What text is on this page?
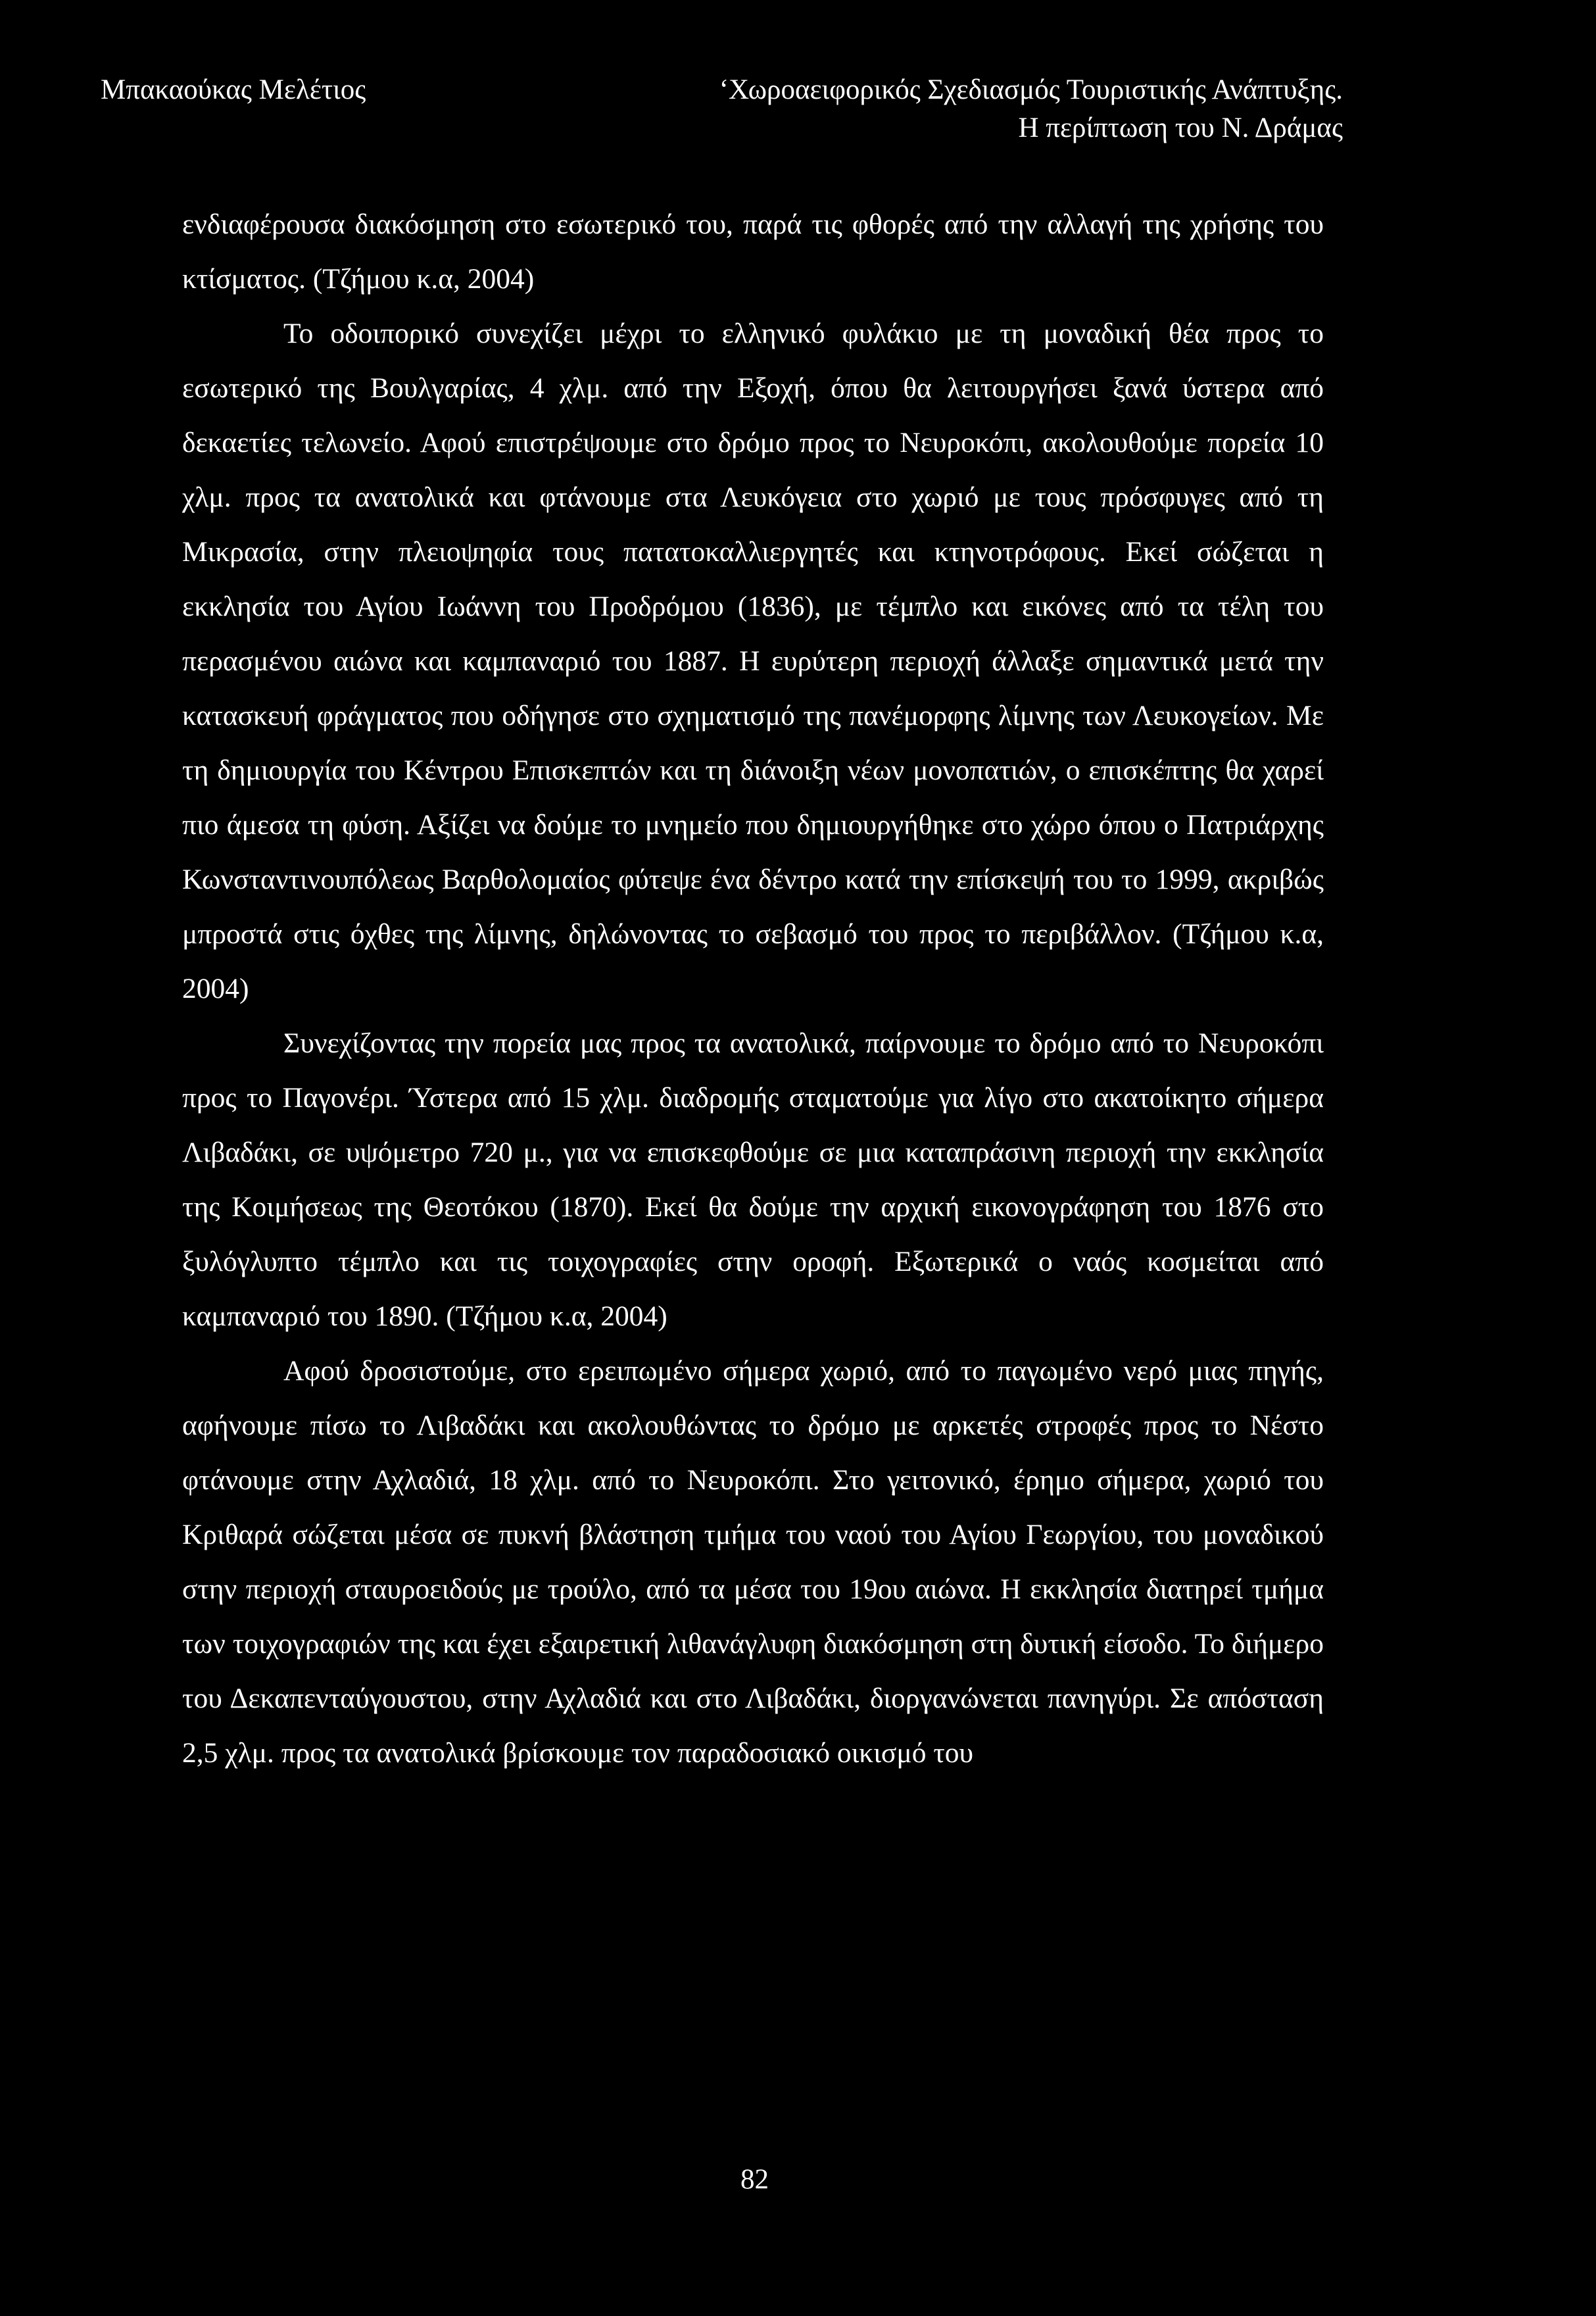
Μπακαούκας Μελέτιος	‘Χωροαειφορικός Σχεδιασμός Τουριστικής Ανάπτυξης.
Η περίπτωση του Ν. Δράμας

ενδιαφέρουσα διακόσμηση στο εσωτερικό του, παρά τις φθορές από την αλλαγή της χρήσης του κτίσματος. (Τζήμου κ.α, 2004)

Το οδοιπορικό συνεχίζει μέχρι το ελληνικό φυλάκιο με τη μοναδική θέα προς το εσωτερικό της Βουλγαρίας, 4 χλμ. από την Εξοχή, όπου θα λειτουργήσει ξανά ύστερα από δεκαετίες τελωνείο. Αφού επιστρέψουμε στο δρόμο προς το Νευροκόπι, ακολουθούμε πορεία 10 χλμ. προς τα ανατολικά και φτάνουμε στα Λευκόγεια στο χωριό με τους πρόσφυγες από τη Μικρασία, στην πλειοψηφία τους πατατοκαλλιεργητές και κτηνοτρόφους. Εκεί σώζεται η εκκλησία του Αγίου Ιωάννη του Προδρόμου (1836), με τέμπλο και εικόνες από τα τέλη του περασμένου αιώνα και καμπαναριό του 1887. Η ευρύτερη περιοχή άλλαξε σημαντικά μετά την κατασκευή φράγματος που οδήγησε στο σχηματισμό της πανέμορφης λίμνης των Λευκογείων. Με τη δημιουργία του Κέντρου Επισκεπτών και τη διάνοιξη νέων μονοπατιών, ο επισκέπτης θα χαρεί πιο άμεσα τη φύση. Αξίζει να δούμε το μνημείο που δημιουργήθηκε στο χώρο όπου ο Πατριάρχης Κωνσταντινουπόλεως Βαρθολομαίος φύτεψε ένα δέντρο κατά την επίσκεψή του το 1999, ακριβώς μπροστά στις όχθες της λίμνης, δηλώνοντας το σεβασμό του προς το περιβάλλον. (Τζήμου κ.α, 2004)

Συνεχίζοντας την πορεία μας προς τα ανατολικά, παίρνουμε το δρόμο από το Νευροκόπι προς το Παγονέρι. Ύστερα από 15 χλμ. διαδρομής σταματούμε για λίγο στο ακατοίκητο σήμερα Λιβαδάκι, σε υψόμετρο 720 μ., για να επισκεφθούμε σε μια καταπράσινη περιοχή την εκκλησία της Κοιμήσεως της Θεοτόκου (1870). Εκεί θα δούμε την αρχική εικονογράφηση του 1876 στο ξυλόγλυπτο τέμπλο και τις τοιχογραφίες στην οροφή. Εξωτερικά ο ναός κοσμείται από καμπαναριό του 1890. (Τζήμου κ.α, 2004)

Αφού δροσιστούμε, στο ερειπωμένο σήμερα χωριό, από το παγωμένο νερό μιας πηγής, αφήνουμε πίσω το Λιβαδάκι και ακολουθώντας το δρόμο με αρκετές στροφές προς το Νέστο φτάνουμε στην Αχλαδιά, 18 χλμ. από το Νευροκόπι. Στο γειτονικό, έρημο σήμερα, χωριό του Κριθαρά σώζεται μέσα σε πυκνή βλάστηση τμήμα του ναού του Αγίου Γεωργίου, του μοναδικού στην περιοχή σταυροειδούς με τρούλο, από τα μέσα του 19ου αιώνα. Η εκκλησία διατηρεί τμήμα των τοιχογραφιών της και έχει εξαιρετική λιθανάγλυφη διακόσμηση στη δυτική είσοδο. Το διήμερο του Δεκαπενταύγουστου, στην Αχλαδιά και στο Λιβαδάκι, διοργανώνεται πανηγύρι. Σε απόσταση 2,5 χλμ. προς τα ανατολικά βρίσκουμε τον παραδοσιακό οικισμό του

82
